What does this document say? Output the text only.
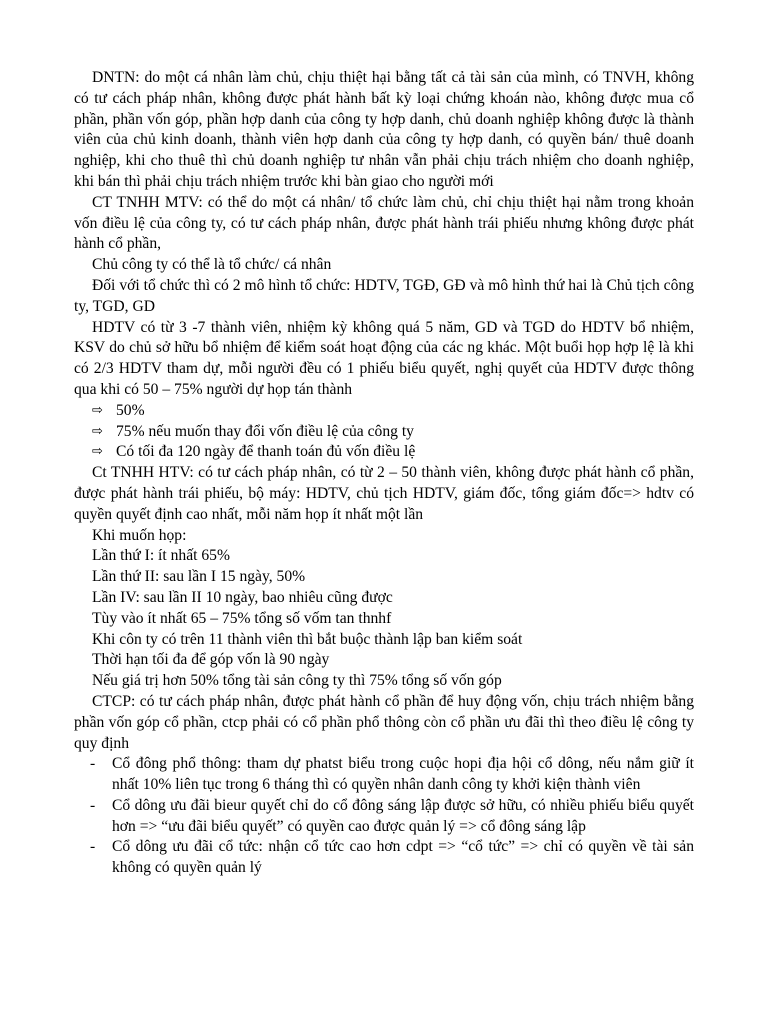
DNTN: do một cá nhân làm chủ, chịu thiệt hại bằng tất cả tài sản của mình, có TNVH, không có tư cách pháp nhân, không được phát hành bất kỳ loại chứng khoán nào, không được mua cổ phần, phần vốn góp, phần hợp danh của công ty hợp danh, chủ doanh nghiệp không được là thành viên của chủ kinh doanh, thành viên hợp danh của công ty hợp danh, có quyền bán/ thuê doanh nghiệp, khi cho thuê thì chủ doanh nghiệp tư nhân vẫn phải chịu trách nhiệm cho doanh nghiệp, khi bán thì phải chịu trách nhiệm trước khi bàn giao cho người mới

CT TNHH MTV: có thể do một cá nhân/ tổ chức làm chủ, chỉ chịu thiệt hại nằm trong khoản vốn điều lệ của công ty, có tư cách pháp nhân, được phát hành trái phiếu nhưng không được phát hành cổ phần,

Chủ công ty có thể là tổ chức/ cá nhân

Đối với tổ chức thì có 2 mô hình tổ chức: HDTV, TGĐ, GĐ và mô hình thứ hai là Chủ tịch công ty, TGD, GD

HDTV có từ 3 -7 thành viên, nhiệm kỳ không quá 5 năm, GD và TGD do HDTV bổ nhiệm, KSV do chủ sở hữu bổ nhiệm để kiểm soát hoạt động của các ng khác. Một buổi họp hợp lệ là khi có 2/3 HDTV tham dự, mỗi người đều có 1 phiếu biểu quyết, nghị quyết của HDTV được thông qua khi có 50 – 75% người dự họp tán thành

⇨ 50%
⇨ 75% nếu muốn thay đổi vốn điều lệ của công ty
⇨ Có tối đa 120 ngày để thanh toán đủ vốn điều lệ

Ct TNHH HTV: có tư cách pháp nhân, có từ 2 – 50 thành viên, không được phát hành cổ phần, được phát hành trái phiếu, bộ máy: HDTV, chủ tịch HDTV, giám đốc, tổng giám đốc=> hdtv có quyền quyết định cao nhất, mỗi năm họp ít nhất một lần

Khi muốn họp:

Lần thứ I: ít nhất 65%

Lần thứ II: sau lần I 15 ngày, 50%

Lần IV: sau lần II 10 ngày, bao nhiêu cũng được

Tùy vào ít nhất 65 – 75% tổng số vốm tan thnhf

Khi côn ty có trên 11 thành viên thì bắt buộc thành lập ban kiểm soát

Thời hạn tối đa để góp vốn là 90 ngày

Nếu giá trị hơn 50% tổng tài sản công ty thì 75% tổng số vốn góp

CTCP: có tư cách pháp nhân, được phát hành cổ phần để huy động vốn, chịu trách nhiệm bằng phần vốn góp cổ phần, ctcp phải có cổ phần phổ thông còn cổ phần ưu đãi thì theo điều lệ công ty quy định

-	Cổ đông phổ thông: tham dự phatst biểu trong cuộc hopi địa hội cổ dông, nếu nắm giữ ít nhất 10% liên tục trong 6 tháng thì có quyền nhân danh công ty khởi kiện thành viên
-	Cổ dông ưu đãi bieur quyết chỉ do cổ đông sáng lập được sở hữu, có nhiều phiếu biểu quyết hơn => “ưu đãi biểu quyết” có quyền cao được quản lý => cổ đông sáng lập
-	Cổ dông ưu đãi cổ tức: nhận cổ tức cao hơn cdpt => “cổ tức” => chỉ có quyền về tài sản không có quyền quản lý
